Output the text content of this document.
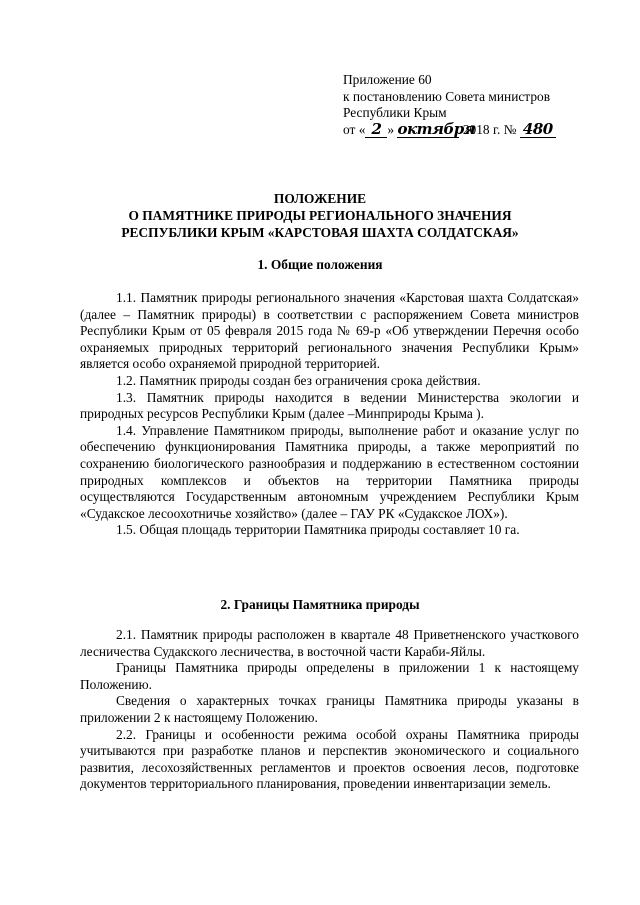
Приложение 60
к постановлению Совета министров
Республики Крым
от « 2 » октября 2018 г. № 480
ПОЛОЖЕНИЕ
О ПАМЯТНИКЕ ПРИРОДЫ РЕГИОНАЛЬНОГО ЗНАЧЕНИЯ
РЕСПУБЛИКИ КРЫМ «КАРСТОВАЯ ШАХТА СОЛДАТСКАЯ»
1. Общие положения

1.1. Памятник природы регионального значения «Карстовая шахта Солдатская» (далее – Памятник природы) в соответствии с распоряжением Совета министров Республики Крым от 05 февраля 2015 года № 69-р «Об утверждении Перечня особо охраняемых природных территорий регионального значения Республики Крым» является особо охраняемой природной территорией.

1.2. Памятник природы создан без ограничения срока действия.

1.3. Памятник природы находится в ведении Министерства экологии и природных ресурсов Республики Крым (далее –Минприроды Крыма ).

1.4. Управление Памятником природы, выполнение работ и оказание услуг по обеспечению функционирования Памятника природы, а также мероприятий по сохранению биологического разнообразия и поддержанию в естественном состоянии природных комплексов и объектов на территории Памятника природы осуществляются Государственным автономным учреждением Республики Крым «Судакское лесоохотничье хозяйство» (далее – ГАУ РК «Судакское ЛОХ»).

1.5. Общая площадь территории Памятника природы составляет 10 га.

2. Границы Памятника природы

2.1. Памятник природы расположен в квартале 48 Приветненского участкового лесничества Судакского лесничества, в восточной части Караби-Яйлы.

Границы Памятника природы определены в приложении 1 к настоящему Положению.

Сведения о характерных точках границы Памятника природы указаны в приложении 2 к настоящему Положению.

2.2. Границы и особенности режима особой охраны Памятника природы учитываются при разработке планов и перспектив экономического и социального развития, лесохозяйственных регламентов и проектов освоения лесов, подготовке документов территориального планирования, проведении инвентаризации земель.
